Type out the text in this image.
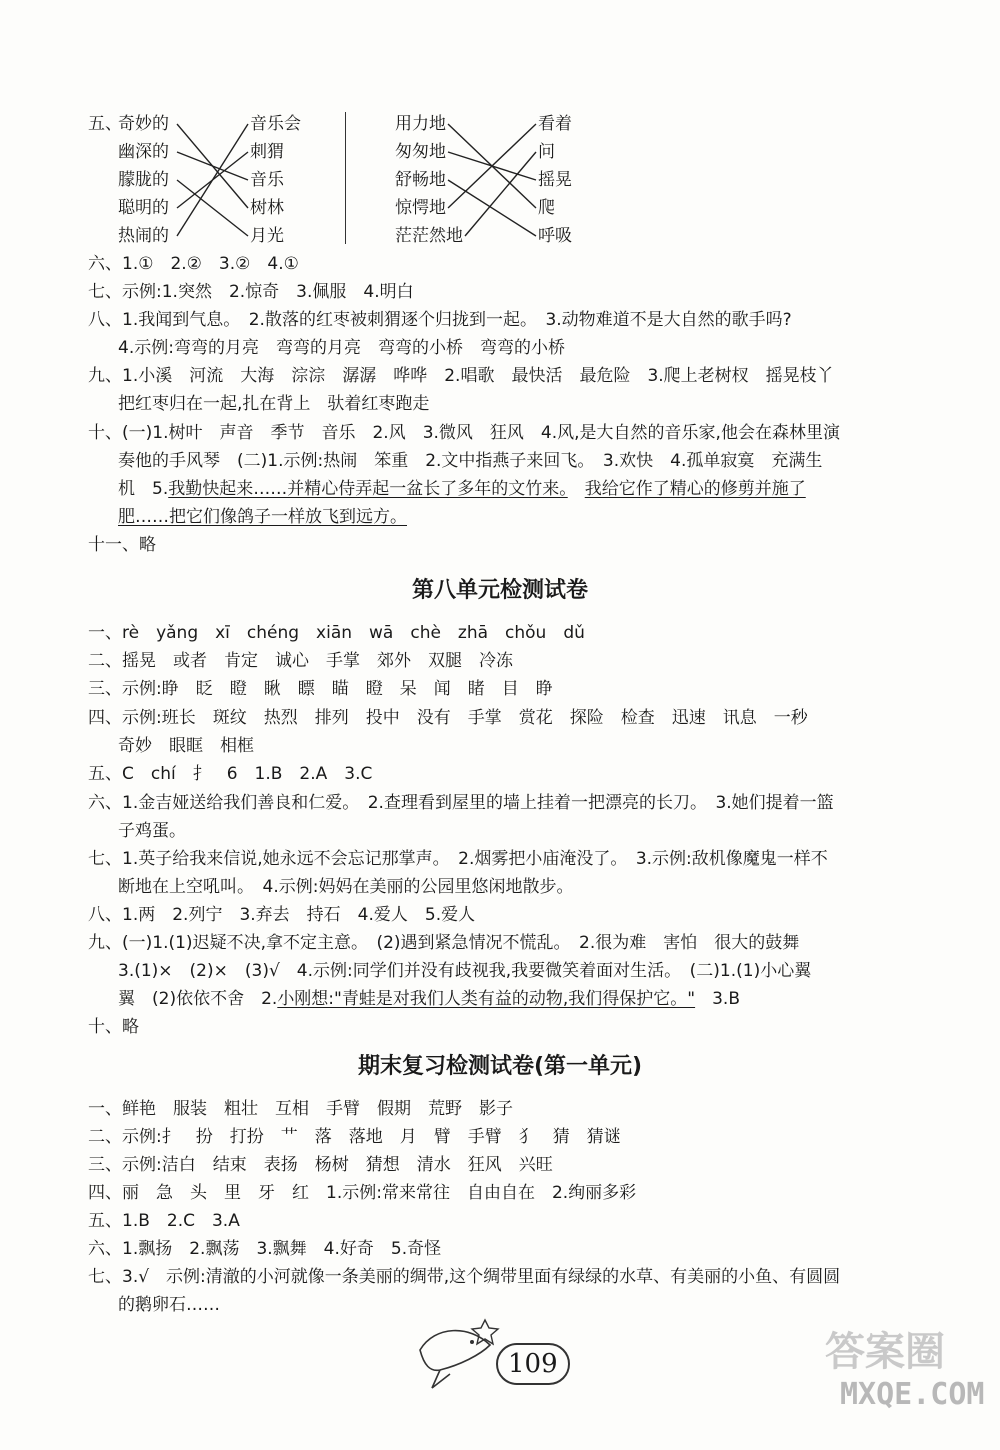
五、
奇妙的
幽深的
朦胧的
聪明的
热闹的
音乐会
刺猬
音乐
树林
月光
用力地
匆匆地
舒畅地
惊愕地
茫茫然地
看着
问
摇晃
爬
呼吸
六、1.①　2.②　3.②　4.①
七、示例:1.突然　2.惊奇　3.佩服　4.明白
八、1.我闻到气息。　2.散落的红枣被刺猬逐个归拢到一起。　3.动物难道不是大自然的歌手吗?
4.示例:弯弯的月亮　弯弯的月亮　弯弯的小桥　弯弯的小桥
九、1.小溪　河流　大海　淙淙　潺潺　哗哗　2.唱歌　最快活　最危险　3.爬上老树杈　摇晃枝丫
把红枣归在一起,扎在背上　驮着红枣跑走
十、(一)1.树叶　声音　季节　音乐　2.风　3.微风　狂风　4.风,是大自然的音乐家,他会在森林里演
奏他的手风琴　(二)1.示例:热闹　笨重　2.文中指燕子来回飞。　3.欢快　4.孤单寂寞　充满生
机　5.我勤快起来……并精心侍弄起一盆长了多年的文竹来。　 我给它作了精心的修剪并施了
肥……把它们像鸽子一样放飞到远方。
十一、略
第八单元检测试卷
一、rè　yǎng　xī　chéng　xiān　wā　chè　zhā　chǒu　dǔ
二、摇晃　或者　肯定　诚心　手掌　郊外　双腿　冷冻
三、示例:睁　眨　瞪　瞅　瞟　瞄　瞪　呆　闻　睹　目　睁
四、示例:班长　斑纹　热烈　排列　投中　没有　手掌　赏花　探险　检查　迅速　讯息　一秒
奇妙　眼眶　相框
五、C　chí　扌　6　1.B　2.A　3.C
六、1.金吉娅送给我们善良和仁爱。　2.查理看到屋里的墙上挂着一把漂亮的长刀。　3.她们提着一篮
子鸡蛋。
七、1.英子给我来信说,她永远不会忘记那掌声。　2.烟雾把小庙淹没了。　3.示例:敌机像魔鬼一样不
断地在上空吼叫。　4.示例:妈妈在美丽的公园里悠闲地散步。
八、1.两　2.列宁　3.弃去　持石　4.爱人　5.爱人
九、(一)1.(1)迟疑不决,拿不定主意。　(2)遇到紧急情况不慌乱。　2.很为难　害怕　很大的鼓舞
3.(1)×　(2)×　(3)√　4.示例:同学们并没有歧视我,我要微笑着面对生活。　(二)1.(1)小心翼
翼　(2)依依不舍　2.小刚想:"青蛙是对我们人类有益的动物,我们得保护它。"　3.B
十、略
期末复习检测试卷(第一单元)
一、鲜艳　服装　粗壮　互相　手臂　假期　荒野　影子
二、示例:扌　扮　打扮　艹　落　落地　月　臂　手臂　犭　猜　猜谜
三、示例:洁白　结束　表扬　杨树　猜想　清水　狂风　兴旺
四、丽　急　头　里　牙　红　1.示例:常来常往　自由自在　2.绚丽多彩
五、1.B　2.C　3.A
六、1.飘扬　2.飘荡　3.飘舞　4.好奇　5.奇怪
七、3.√　示例:清澈的小河就像一条美丽的绸带,这个绸带里面有绿绿的水草、有美丽的小鱼、有圆圆
的鹅卵石……
109	答案圈
MXQE.COM
